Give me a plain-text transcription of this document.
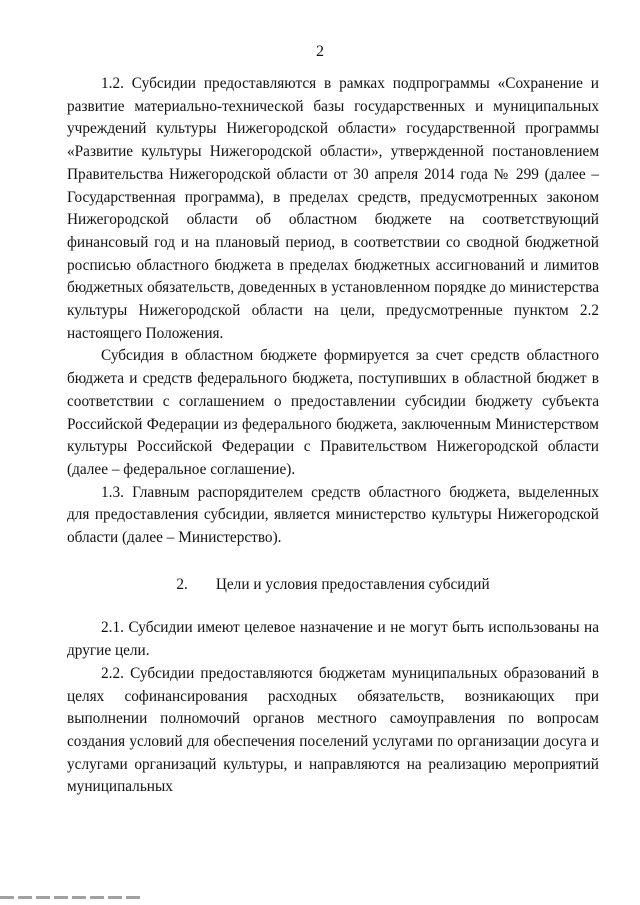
2

1.2. Субсидии предоставляются в рамках подпрограммы «Сохранение и развитие материально-технической базы государственных и муниципальных учреждений культуры Нижегородской области» государственной программы «Развитие культуры Нижегородской области», утвержденной постановлением Правительства Нижегородской области от 30 апреля 2014 года № 299 (далее – Государственная программа), в пределах средств, предусмотренных законом Нижегородской области об областном бюджете на соответствующий финансовый год и на плановый период, в соответствии со сводной бюджетной росписью областного бюджета в пределах бюджетных ассигнований и лимитов бюджетных обязательств, доведенных в установленном порядке до министерства культуры Нижегородской области на цели, предусмотренные пунктом 2.2 настоящего Положения.

Субсидия в областном бюджете формируется за счет средств областного бюджета и средств федерального бюджета, поступивших в областной бюджет в соответствии с соглашением о предоставлении субсидии бюджету субъекта Российской Федерации из федерального бюджета, заключенным Министерством культуры Российской Федерации с Правительством Нижегородской области (далее – федеральное соглашение).

1.3. Главным распорядителем средств областного бюджета, выделенных для предоставления субсидии, является министерство культуры Нижегородской области (далее – Министерство).

2. Цели и условия предоставления субсидий

2.1. Субсидии имеют целевое назначение и не могут быть использованы на другие цели.

2.2. Субсидии предоставляются бюджетам муниципальных образований в целях софинансирования расходных обязательств, возникающих при выполнении полномочий органов местного самоуправления по вопросам создания условий для обеспечения поселений услугами по организации досуга и услугами организаций культуры, и направляются на реализацию мероприятий муниципальных
